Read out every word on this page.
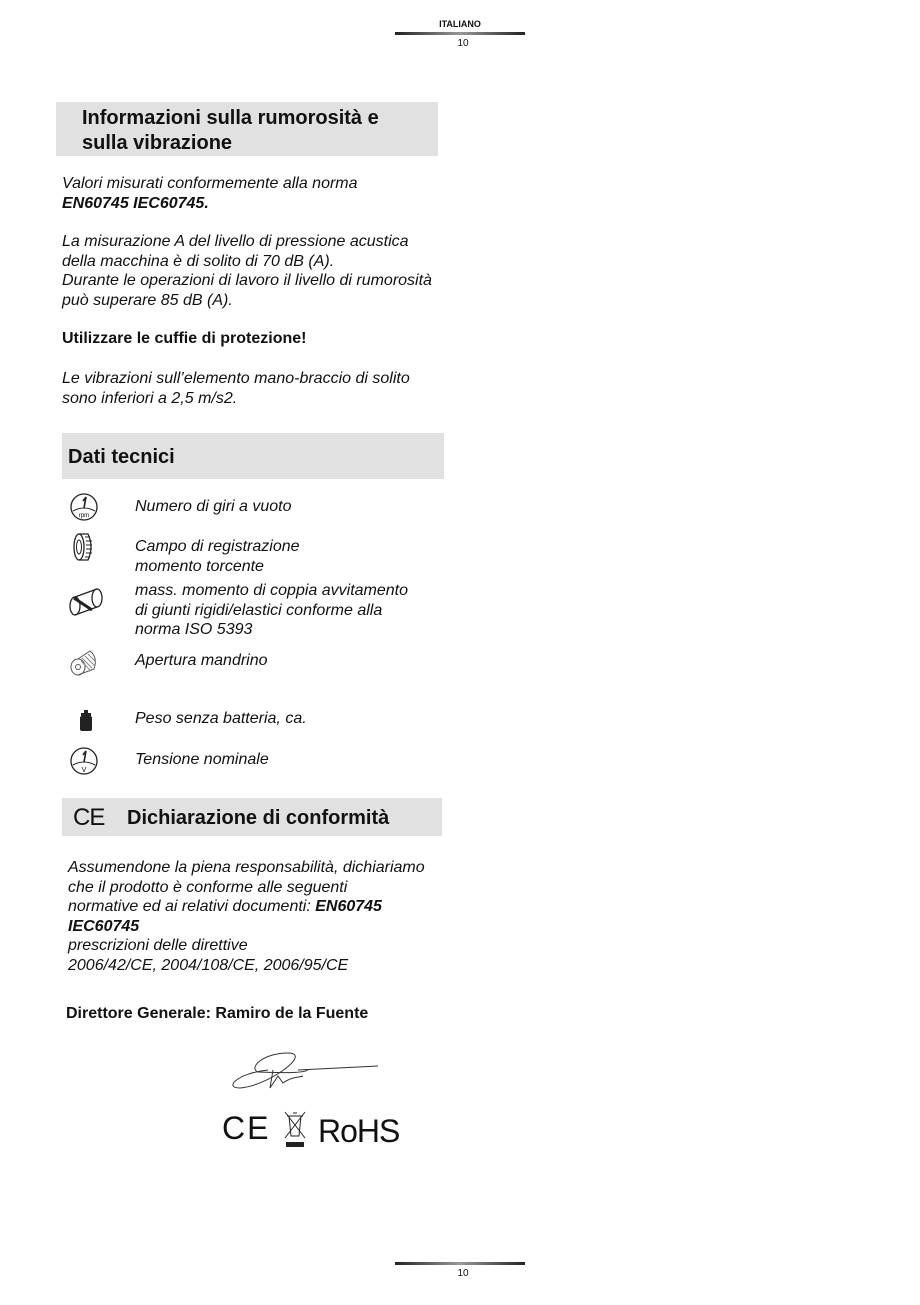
ITALIANO
10
Informazioni sulla rumorosità e
sulla vibrazione
Valori misurati conformemente alla norma
EN60745 IEC60745.
La misurazione A del livello di pressione acustica
della macchina è di solito di 70 dB (A).
Durante le operazioni di lavoro il livello di rumorosità
può superare 85 dB (A).
Utilizzare le cuffie di protezione!
Le vibrazioni sull’elemento mano-braccio di solito
sono inferiori a 2,5 m/s2.
Dati tecnici
rpm
V
Numero di giri a vuoto
Campo di registrazione
momento torcente
mass. momento di coppia avvitamento
di giunti rigidi/elastici conforme alla
norma ISO 5393
Apertura mandrino
Peso senza batteria, ca.
Tensione nominale
CE Dichiarazione di conformità
Assumendone la piena responsabilità, dichiariamo
che il prodotto è conforme alle seguenti
normative ed ai relativi documenti: EN60745
IEC60745
prescrizioni delle direttive
2006/42/CE, 2004/108/CE, 2006/95/CE
Direttore Generale: Ramiro de la Fuente
CE RoHS
10
